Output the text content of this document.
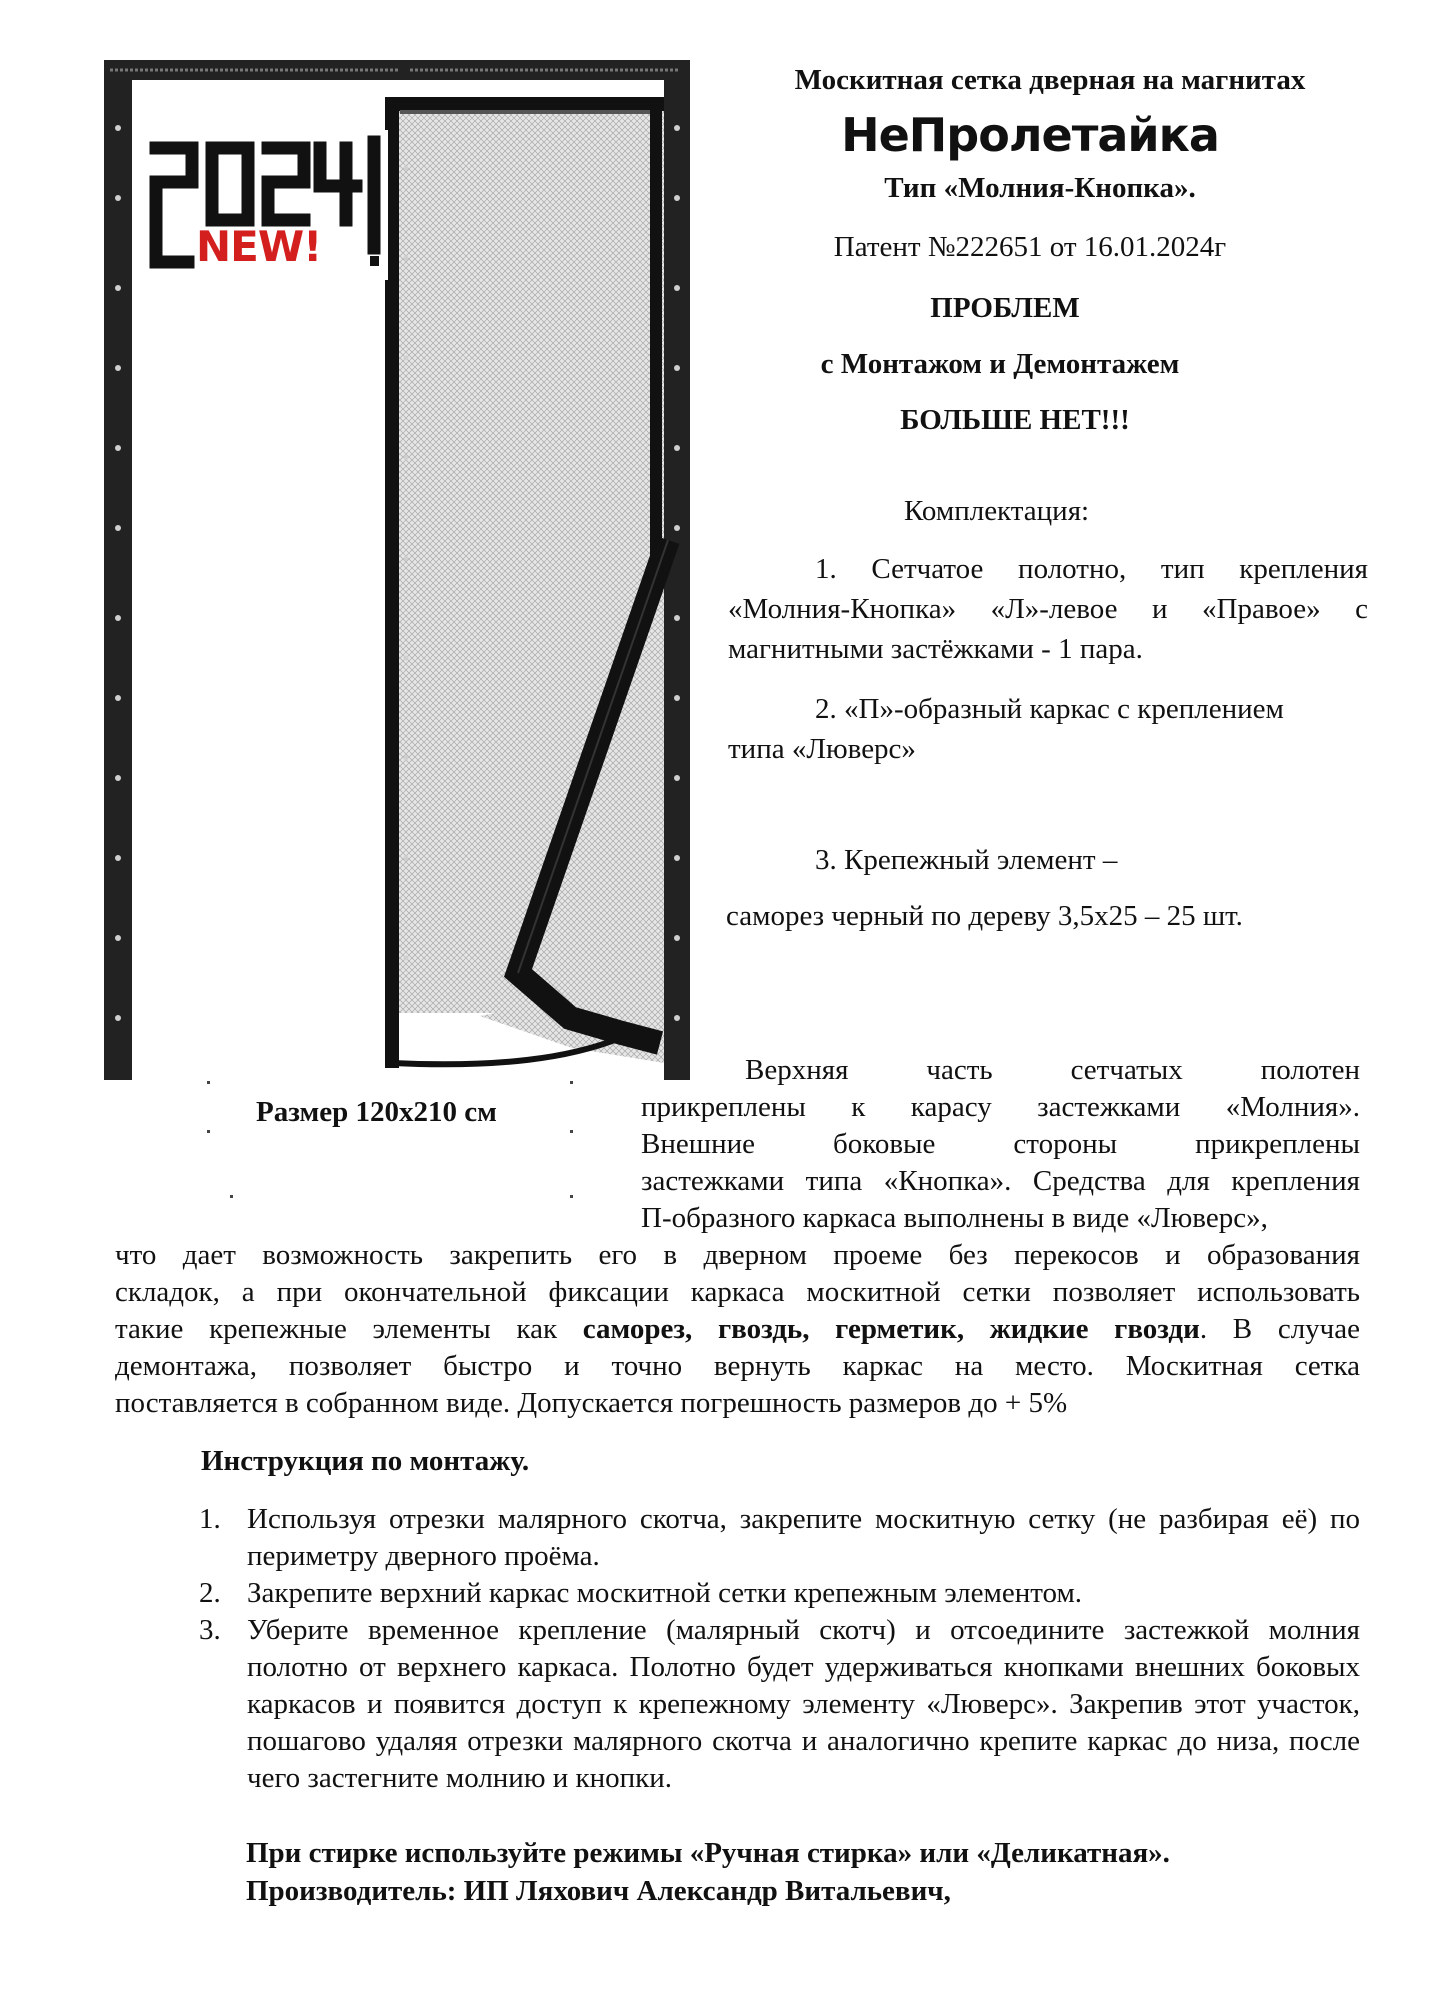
NEW!
Москитная сетка дверная на магнитах
НеПролетайка
Тип «Молния-Кнопка».
Патент №222651 от 16.01.2024г
ПРОБЛЕМ
с Монтажом и Демонтажем
БОЛЬШЕ НЕТ!!!
Комплектация:
1. Сетчатое полотно, тип крепления
«Молния-Кнопка» «Л»-левое и «Правое» с
магнитными застёжками - 1 пара.
2. «П»-образный каркас с креплением
типа «Люверс»
3. Крепежный элемент –
саморез черный по дереву 3,5х25 – 25 шт.
Размер 120х210 см
Верхняя часть сетчатых полотен
прикреплены к карасу застежками «Молния».
Внешние боковые стороны прикреплены
застежками типа «Кнопка». Средства для крепления
П-образного каркаса выполнены в виде «Люверс»,
что дает возможность закрепить его в дверном проеме без перекосов и образования
складок, а при окончательной фиксации каркаса москитной сетки позволяет использовать
такие крепежные элементы как саморез, гвоздь, герметик, жидкие гвозди. В случае
демонтажа, позволяет быстро и точно вернуть каркас на место. Москитная сетка
поставляется в собранном виде. Допускается погрешность размеров до + 5%
Инструкция по монтажу.
1. Используя отрезки малярного скотча, закрепите москитную сетку (не разбирая её) по периметру дверного проёма.
2. Закрепите верхний каркас москитной сетки крепежным элементом.
3. Уберите временное крепление (малярный скотч) и отсоедините застежкой молния полотно от верхнего каркаса. Полотно будет удерживаться кнопками внешних боковых каркасов и появится доступ к крепежному элементу «Люверс». Закрепив этот участок, пошагово удаляя отрезки малярного скотча и аналогично крепите каркас до низа, после чего застегните молнию и кнопки.
При стирке используйте режимы «Ручная стирка» или «Деликатная».
Производитель: ИП Ляхович Александр Витальевич,
